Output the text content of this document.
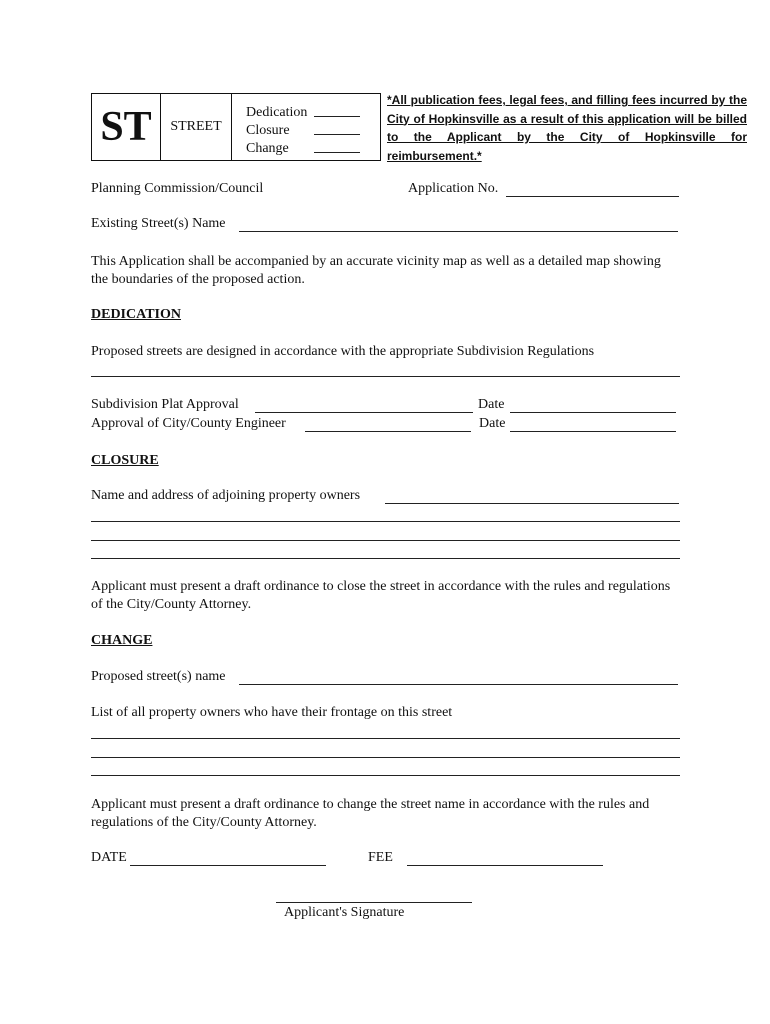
ST	STREET
Dedication
Closure
Change
*All publication fees, legal fees, and filling fees incurred by the City of Hopkinsville as a result of this application will be billed to the Applicant by the City of Hopkinsville for reimbursement.*
Planning Commission/Council	Application No.
Existing Street(s) Name
This Application shall be accompanied by an accurate vicinity map as well as a detailed map showing the boundaries of the proposed action.
DEDICATION
Proposed streets are designed in accordance with the appropriate Subdivision Regulations
Subdivision Plat Approval	Date
Approval of City/County Engineer	Date
CLOSURE
Name and address of adjoining property owners
Applicant must present a draft ordinance to close the street in accordance with the rules and regulations of the City/County Attorney.
CHANGE
Proposed street(s) name
List of all property owners who have their frontage on this street
Applicant must present a draft ordinance to change the street name in accordance with the rules and regulations of the City/County Attorney.
DATE	FEE
Applicant's Signature
